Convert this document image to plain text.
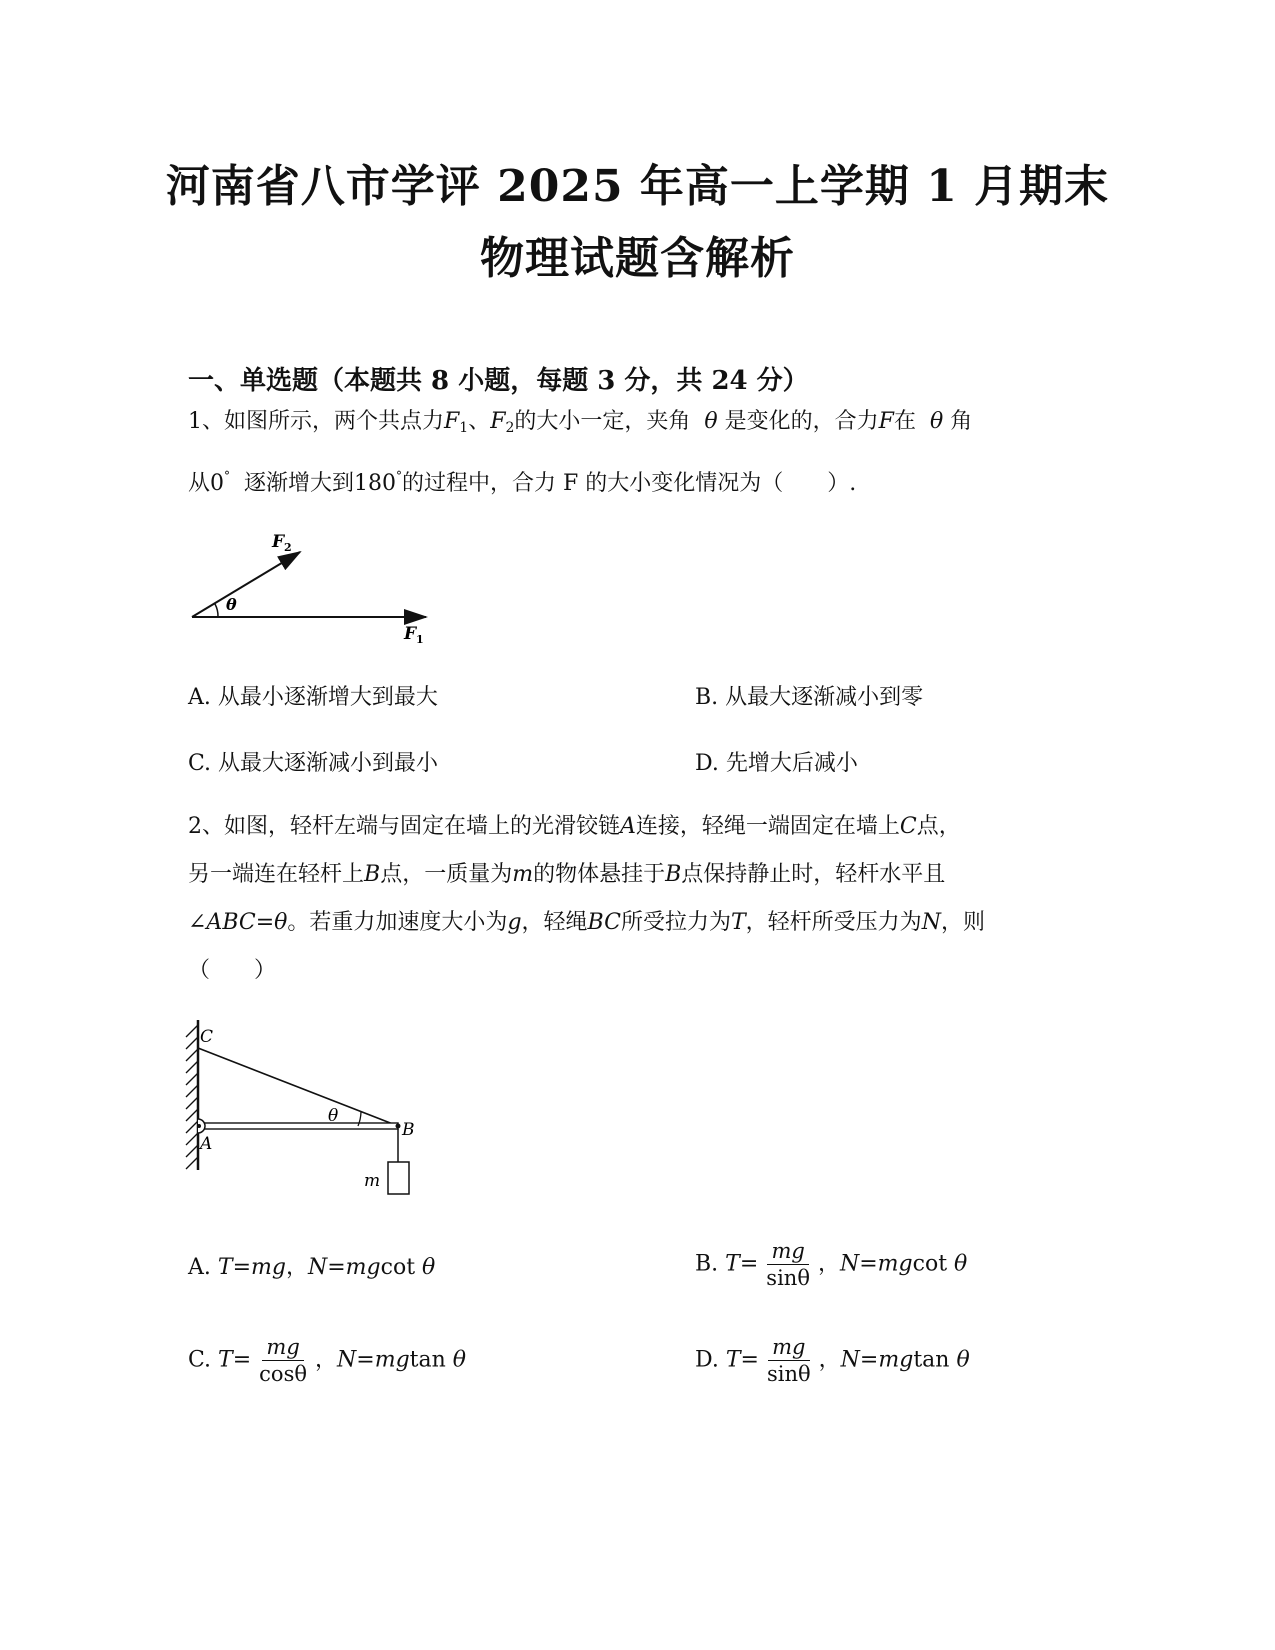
河南省八市学评 2025 年高一上学期 1 月期末
物理试题含解析
一、单选题（本题共 8 小题，每题 3 分，共 24 分）
1、如图所示，两个共点力$F_1$、$F_2$的大小一定，夹角 θ 是变化的，合力F在 θ 角
从0° 逐渐增大到180°的过程中，合力 F 的大小变化情况为（　　）.
F 2
F 1
θ
A. 从最小逐渐增大到最大	B. 从最大逐渐减小到零
C. 从最大逐渐减小到最小	D. 先增大后减小
2、如图，轻杆左端与固定在墙上的光滑铰链A连接，轻绳一端固定在墙上C点，
另一端连在轻杆上B点，一质量为m的物体悬挂于B点保持静止时，轻杆水平且
∠ABC=θ。若重力加速度大小为g，轻绳BC所受拉力为T，轻杆所受压力为N，则
（　　）
C
A
B
m
θ
A. T=mg，N=mgcot θ	B. $T= \frac{mg}{\sin\theta}$ ，N=mgcot θ
C. $T= \frac{mg}{\cos\theta}$ ，N=mgtan θ	D. $T= \frac{mg}{\sin\theta}$ ，N=mgtan θ
